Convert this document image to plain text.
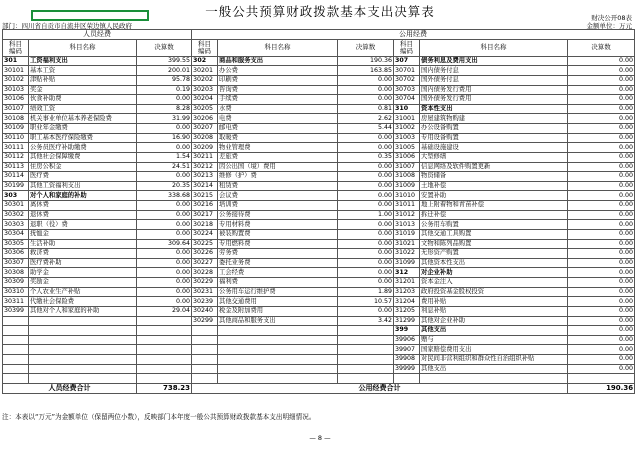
一般公共预算财政拨款基本支出决算表	财决公开08表
金额单位：万元
部门：四川省自贡市自流井区荣边镇人民政府
人员经费			公用经费					
科目
编码	科目名称	决算数	科目
编码	科目名称	决算数	科目
编码	科目名称	决算数
301	工资福利支出	399.55	302	商品和服务支出	190.36	307	债务利息及费用支出	0.00
30101	基本工资	200.01	30201	办公费	163.85	30701	国内债务付息	0.00
30102	津贴补贴	95.78	30202	印刷费	0.00	30702	国外债务付息	0.00
30103	奖金	0.19	30203	咨询费	0.00	30703	国内债务发行费用	0.00
30106	伙食补助费	0.00	30204	手续费	0.00	30704	国外债务发行费用	0.00
30107	绩效工资	8.28	30205	水费	0.81	310	资本性支出	0.00
30108	机关事业单位基本养老保险费	31.99	30206	电费	2.62	31001	房屋建筑物购建	0.00
30109	职业年金缴费	0.00	30207	邮电费	5.44	31002	办公设备购置	0.00
30110	职工基本医疗保险缴费	16.90	30208	取暖费	0.00	31003	专用设备购置	0.00
30111	公务员医疗补助缴费	0.00	30209	物业管理费	0.00	31005	基础设施建设	0.00
30112	其他社会保障缴费	1.54	30211	差旅费	0.35	31006	大型修缮	0.00
30113	住房公积金	24.51	30212	因公出国（境）费用	0.00	31007	信息网络及软件购置更新	0.00
30114	医疗费	0.00	30213	维修（护）费	0.00	31008	物资储备	0.00
30199	其他工资福利支出	20.35	30214	租赁费	0.00	31009	土地补偿	0.00
303	对个人和家庭的补助	338.68	30215	会议费	0.00	31010	安置补助	0.00
30301	离休费	0.00	30216	培训费	0.00	31011	地上附着物和青苗补偿	0.00
30302	退休费	0.00	30217	公务接待费	1.00	31012	拆迁补偿	0.00
30303	退职（役）费	0.00	30218	专用材料费	0.00	31013	公务用车购置	0.00
30304	抚恤金	0.00	30224	被装购置费	0.00	31019	其他交通工具购置	0.00
30305	生活补助	309.64	30225	专用燃料费	0.00	31021	文物和陈列品购置	0.00
30306	救济费	0.00	30226	劳务费	0.00	31022	无形资产购置	0.00
30307	医疗费补助	0.00	30227	委托业务费	0.00	31099	其他资本性支出	0.00
30308	助学金	0.00	30228	工会经费	0.00	312	对企业补助	0.00
30309	奖励金	0.00	30229	福利费	0.00	31201	资本金注入	0.00
30310	个人农业生产补贴	0.00	30231	公务用车运行维护费	1.89	31203	政府投资基金股权投资	0.00
30311	代缴社会保险费	0.00	30239	其他交通费用	10.57	31204	费用补贴	0.00
30399	其他对个人和家庭的补助	29.04	30240	税金及附加费用	0.00	31205	利息补贴	0.00
			30299	其他商品和服务支出	3.42	31299	其他对企业补助	0.00
						399	其他支出	0.00
						39906	赠与	0.00
						39907	国家赔偿费用支出	0.00
						39908	对民间非营利组织和群众性自治组织补贴	0.00
						39999	其他支出	0.00

人员经费合计		738.23	公用经费合计					190.36
注：本表以“万元”为金额单位（保留两位小数），反映部门本年度一般公共预算财政拨款基本支出明细情况。
— 8 —
